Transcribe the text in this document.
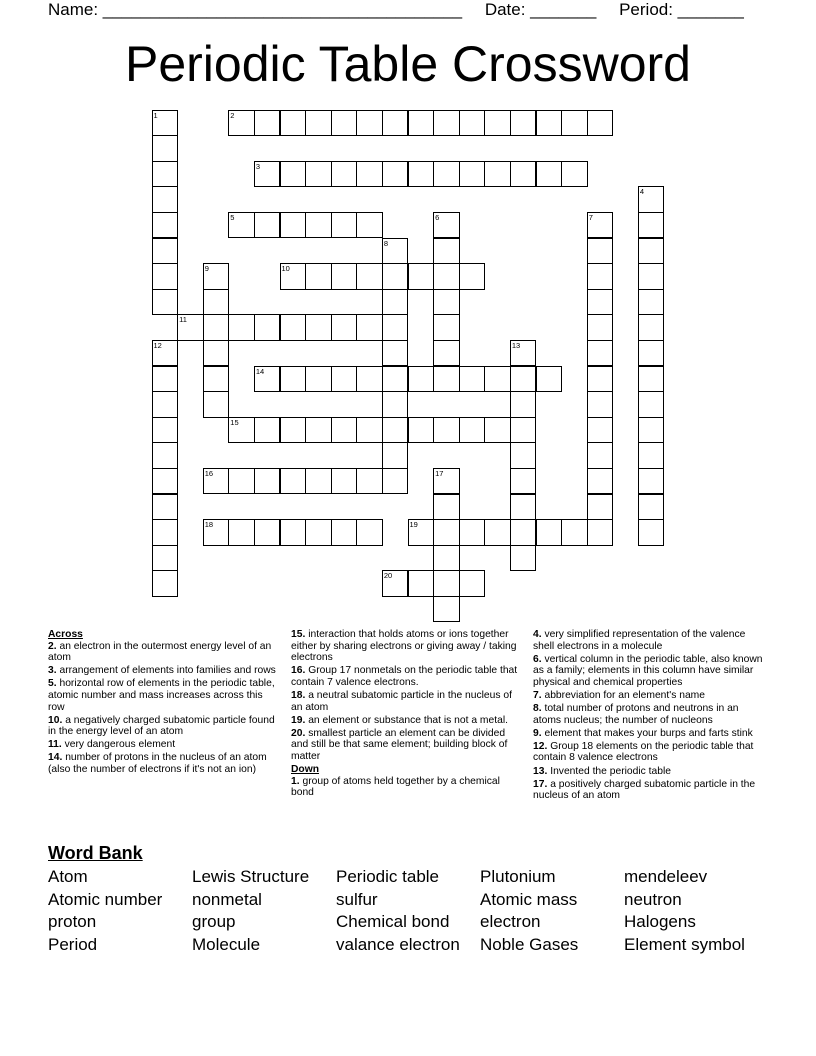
Name: ______________________________________ Date: _______ Period: _______
Periodic Table Crossword
1	2
3
4
5	6	7
8
9	10
11
12	13
14
15
16	17
18	19
20
Across
2. an electron in the outermost energy level of an atom
3. arrangement of elements into families and rows
5. horizontal row of elements in the periodic table, atomic number and mass increases across this row
10. a negatively charged subatomic particle found in the energy level of an atom
11. very dangerous element
14. number of protons in the nucleus of an atom (also the number of electrons if it's not an ion)
15. interaction that holds atoms or ions together either by sharing electrons or giving away / taking electrons
16. Group 17 nonmetals on the periodic table that contain 7 valence electrons.
18. a neutral subatomic particle in the nucleus of an atom
19. an element or substance that is not a metal.
20. smallest particle an element can be divided and still be that same element; building block of matter
Down
1. group of atoms held together by a chemical bond
4. very simplified representation of the valence shell electrons in a molecule
6. vertical column in the periodic table, also known as a family; elements in this column have similar physical and chemical properties
7. abbreviation for an element's name
8. total number of protons and neutrons in an atoms nucleus; the number of nucleons
9. element that makes your burps and farts stink
12. Group 18 elements on the periodic table that contain 8 valence electrons
13. Invented the periodic table
17. a positively charged subatomic particle in the nucleus of an atom
Word Bank
Atom	Lewis Structure	Periodic table	Plutonium	mendeleev
Atomic number	nonmetal	sulfur	Atomic mass	neutron
proton	group	Chemical bond	electron	Halogens
Period	Molecule	valance electron	Noble Gases	Element symbol
